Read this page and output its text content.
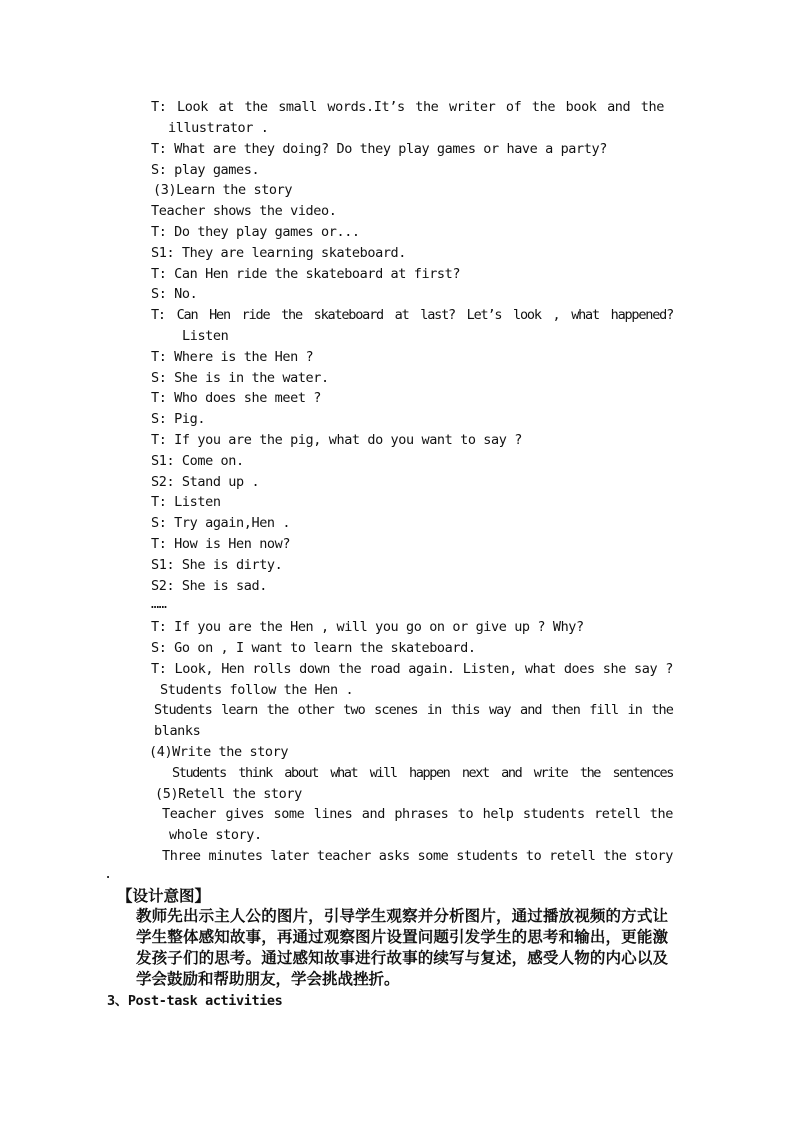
T: Look at the small words.It’s the writer of the book and the
illustrator .
T: What are they doing? Do they play games or have a party?
S: play games.
(3)Learn the story
Teacher shows the video.
T: Do they play games or...
S1: They are learning skateboard.
T: Can Hen ride the skateboard at first?
S: No.
T: Can Hen ride the skateboard at last? Let’s look , what happened?
Listen
T: Where is the Hen ?
S: She is in the water.
T: Who does she meet ?
S: Pig.
T: If you are the pig, what do you want to say ?
S1: Come on.
S2: Stand up .
T: Listen
S: Try again,Hen .
T: How is Hen now?
S1: She is dirty.
S2: She is sad.
……
T: If you are the Hen , will you go on or give up ? Why?
S: Go on , I want to learn the skateboard.
T: Look, Hen rolls down the road again. Listen, what does she say ?
Students follow the Hen .
Students learn the other two scenes in this way and then fill in the
blanks
(4)Write the story
Students think about what will happen next and write the sentences
(5)Retell the story
Teacher gives some lines and phrases to help students retell the
whole story.
Three minutes later teacher asks some students to retell the story
.
【设计意图】
教师先出示主人公的图片，引导学生观察并分析图片，通过播放视频的方式让学生整体感知故事，再通过观察图片设置问题引发学生的思考和输出，更能激发孩子们的思考。通过感知故事进行故事的续写与复述，感受人物的内心以及学会鼓励和帮助朋友，学会挑战挫折。
3、Post-task activities
